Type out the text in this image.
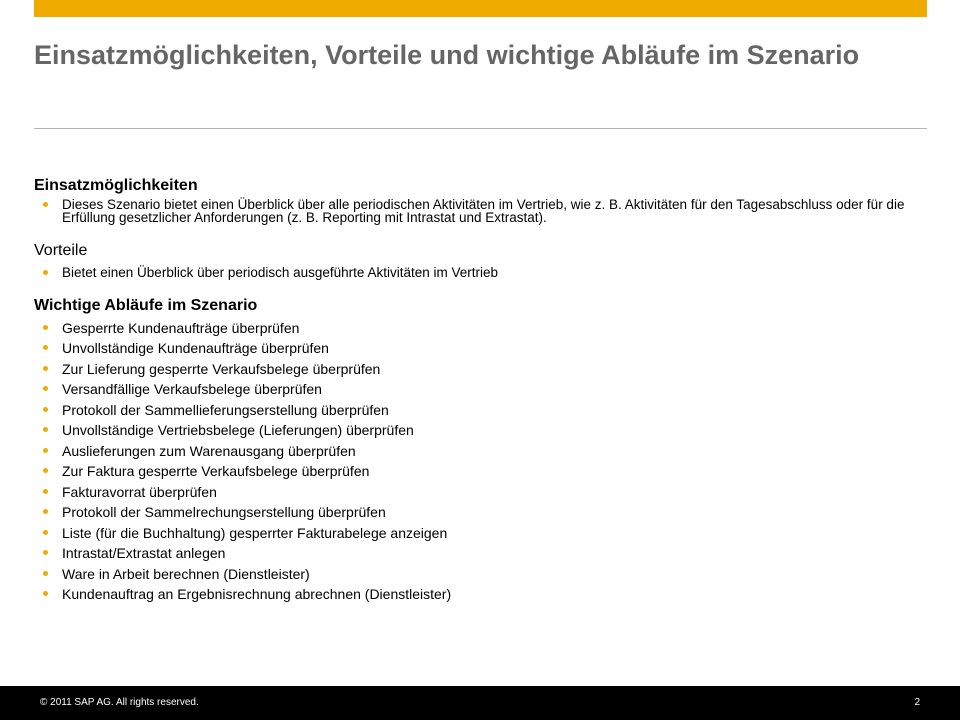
Einsatzmöglichkeiten, Vorteile und wichtige Abläufe im Szenario
Einsatzmöglichkeiten
Dieses Szenario bietet einen Überblick über alle periodischen Aktivitäten im Vertrieb, wie z. B. Aktivitäten für den Tagesabschluss oder für die Erfüllung gesetzlicher Anforderungen (z. B. Reporting mit Intrastat und Extrastat).
Vorteile
Bietet einen Überblick über periodisch ausgeführte Aktivitäten im Vertrieb
Wichtige Abläufe im Szenario
Gesperrte Kundenaufträge überprüfen
Unvollständige Kundenaufträge überprüfen
Zur Lieferung gesperrte Verkaufsbelege überprüfen
Versandfällige Verkaufsbelege überprüfen
Protokoll der Sammellieferungserstellung überprüfen
Unvollständige Vertriebsbelege (Lieferungen) überprüfen
Auslieferungen zum Warenausgang überprüfen
Zur Faktura gesperrte Verkaufsbelege überprüfen
Fakturavorrat überprüfen
Protokoll der Sammelrechungserstellung überprüfen
Liste (für die Buchhaltung) gesperrter Fakturabelege anzeigen
Intrastat/Extrastat anlegen
Ware in Arbeit berechnen (Dienstleister)
Kundenauftrag an Ergebnisrechnung abrechnen (Dienstleister)
© 2011 SAP AG. All rights reserved.	2
